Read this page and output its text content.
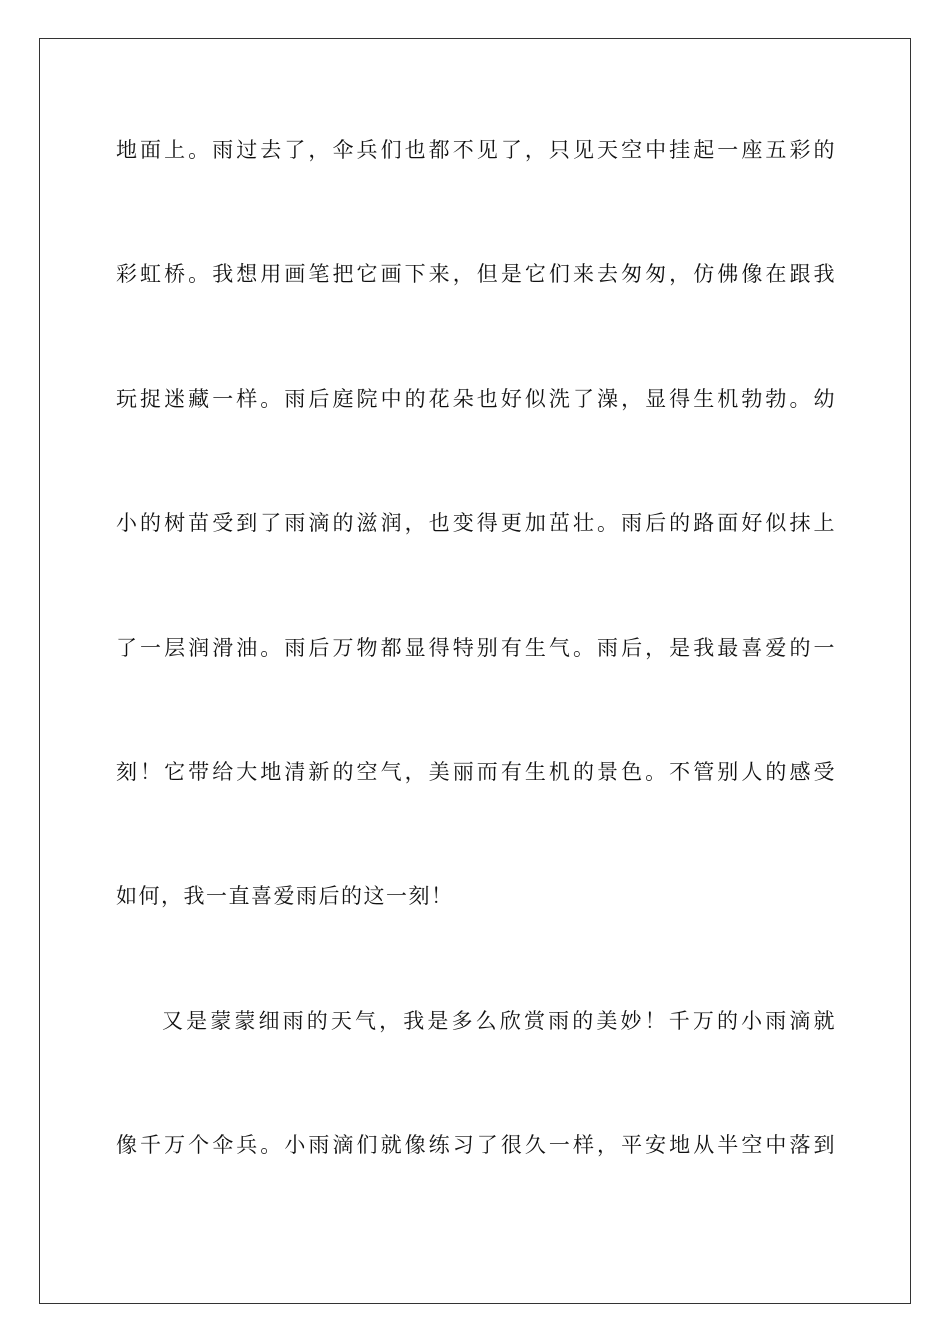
地面上。雨过去了，伞兵们也都不见了，只见天空中挂起一座五彩的

彩虹桥。我想用画笔把它画下来，但是它们来去匆匆，仿佛像在跟我

玩捉迷藏一样。雨后庭院中的花朵也好似洗了澡，显得生机勃勃。幼

小的树苗受到了雨滴的滋润，也变得更加茁壮。雨后的路面好似抹上

了一层润滑油。雨后万物都显得特别有生气。雨后，是我最喜爱的一

刻！它带给大地清新的空气，美丽而有生机的景色。不管别人的感受

如何，我一直喜爱雨后的这一刻！

又是蒙蒙细雨的天气，我是多么欣赏雨的美妙！千万的小雨滴就

像千万个伞兵。小雨滴们就像练习了很久一样，平安地从半空中落到
